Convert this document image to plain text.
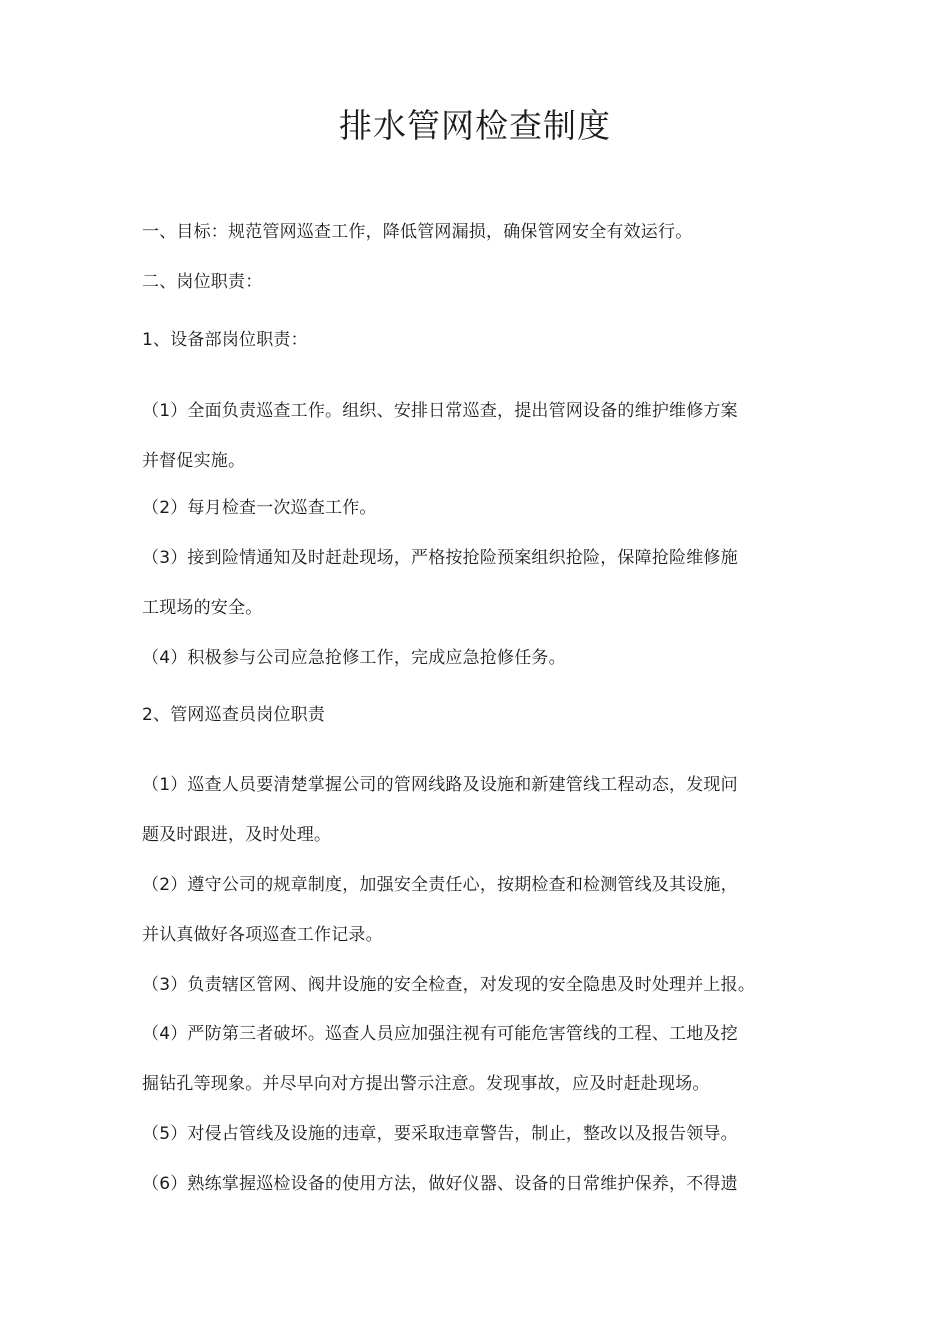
排水管网检查制度
一、目标：规范管网巡查工作，降低管网漏损，确保管网安全有效运行。
二、岗位职责：
1、设备部岗位职责：
（1）全面负责巡查工作。组织、安排日常巡查，提出管网设备的维护维修方案
并督促实施。
（2）每月检查一次巡查工作。
（3）接到险情通知及时赶赴现场，严格按抢险预案组织抢险，保障抢险维修施
工现场的安全。
（4）积极参与公司应急抢修工作，完成应急抢修任务。
2、管网巡查员岗位职责
（1）巡查人员要清楚掌握公司的管网线路及设施和新建管线工程动态，发现问
题及时跟进，及时处理。
（2）遵守公司的规章制度，加强安全责任心，按期检查和检测管线及其设施，
并认真做好各项巡查工作记录。
（3）负责辖区管网、阀井设施的安全检查，对发现的安全隐患及时处理并上报。
（4）严防第三者破坏。巡查人员应加强注视有可能危害管线的工程、工地及挖
掘钻孔等现象。并尽早向对方提出警示注意。发现事故，应及时赶赴现场。
（5）对侵占管线及设施的违章，要采取违章警告，制止，整改以及报告领导。
（6）熟练掌握巡检设备的使用方法，做好仪器、设备的日常维护保养，不得遗
